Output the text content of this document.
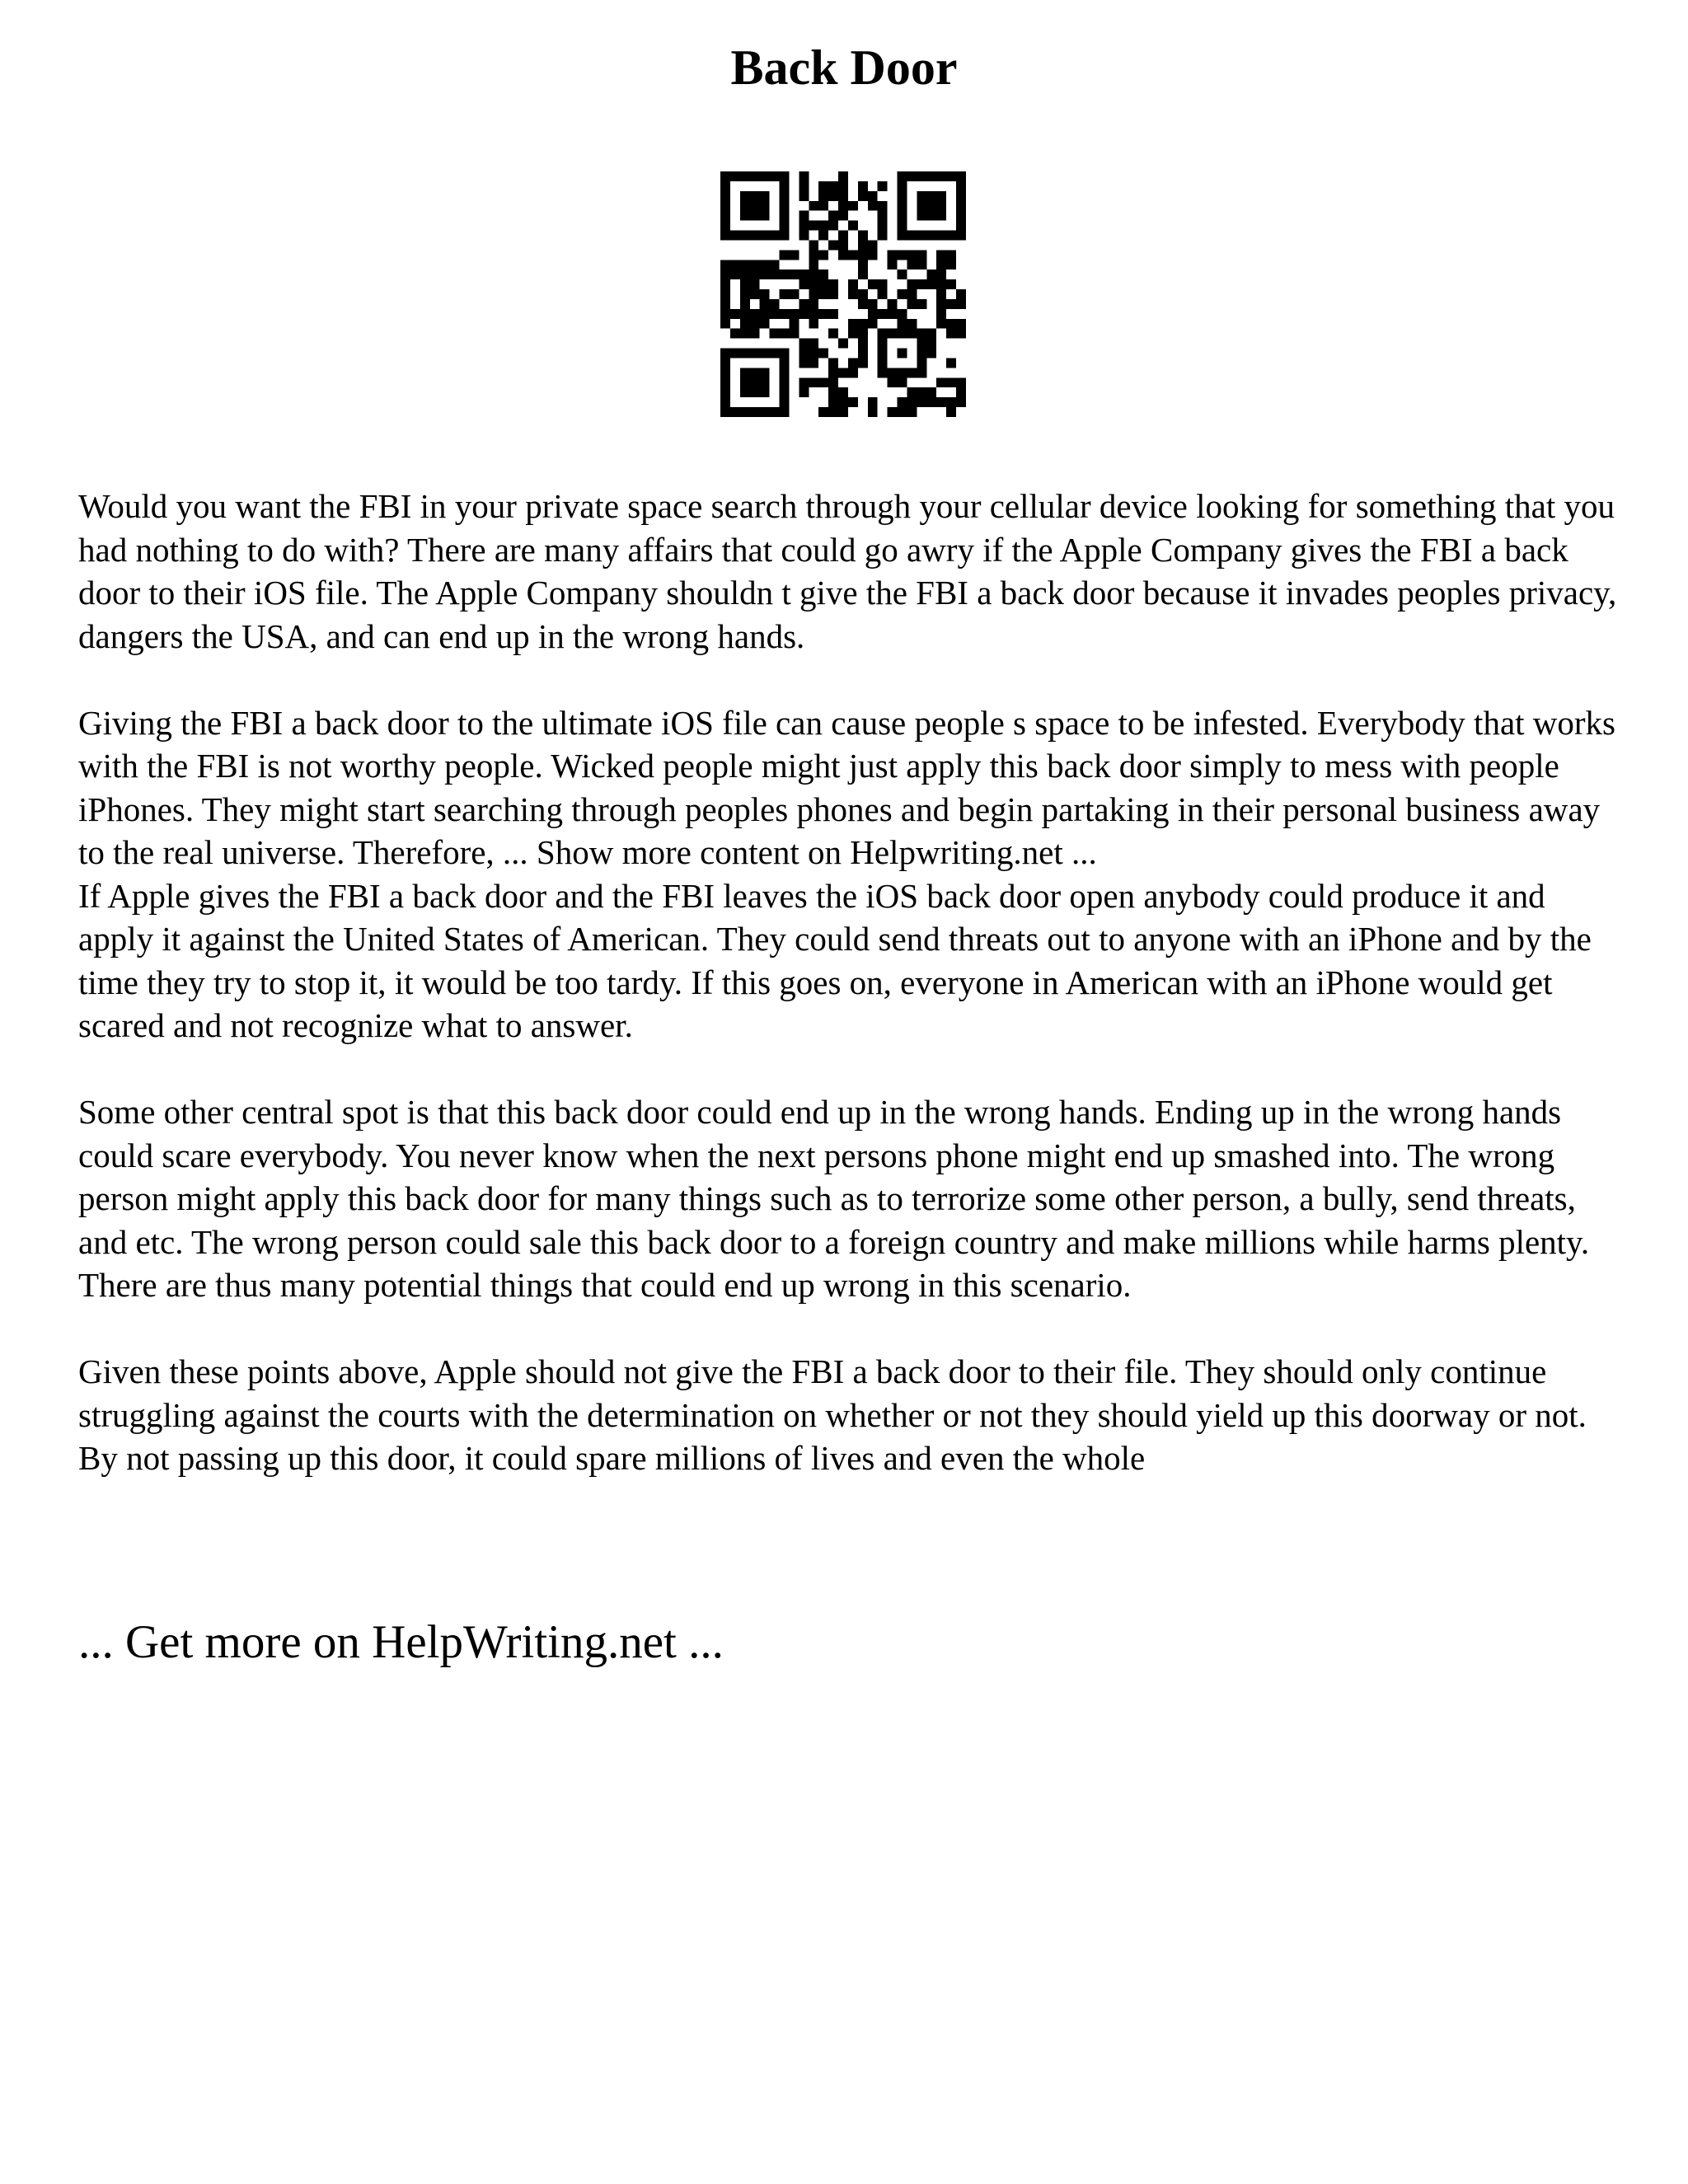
Back Door

Would you want the FBI in your private space search through your cellular device looking for something that you had nothing to do with? There are many affairs that could go awry if the Apple Company gives the FBI a back door to their iOS file. The Apple Company shouldn t give the FBI a back door because it invades peoples privacy, dangers the USA, and can end up in the wrong hands.

Giving the FBI a back door to the ultimate iOS file can cause people s space to be infested. Everybody that works with the FBI is not worthy people. Wicked people might just apply this back door simply to mess with people iPhones. They might start searching through peoples phones and begin partaking in their personal business away to the real universe. Therefore, ... Show more content on Helpwriting.net ...

If Apple gives the FBI a back door and the FBI leaves the iOS back door open anybody could produce it and apply it against the United States of American. They could send threats out to anyone with an iPhone and by the time they try to stop it, it would be too tardy. If this goes on, everyone in American with an iPhone would get scared and not recognize what to answer.

Some other central spot is that this back door could end up in the wrong hands. Ending up in the wrong hands could scare everybody. You never know when the next persons phone might end up smashed into. The wrong person might apply this back door for many things such as to terrorize some other person, a bully, send threats, and etc. The wrong person could sale this back door to a foreign country and make millions while harms plenty. There are thus many potential things that could end up wrong in this scenario.

Given these points above, Apple should not give the FBI a back door to their file. They should only continue struggling against the courts with the determination on whether or not they should yield up this doorway or not. By not passing up this door, it could spare millions of lives and even the whole

... Get more on HelpWriting.net ...
